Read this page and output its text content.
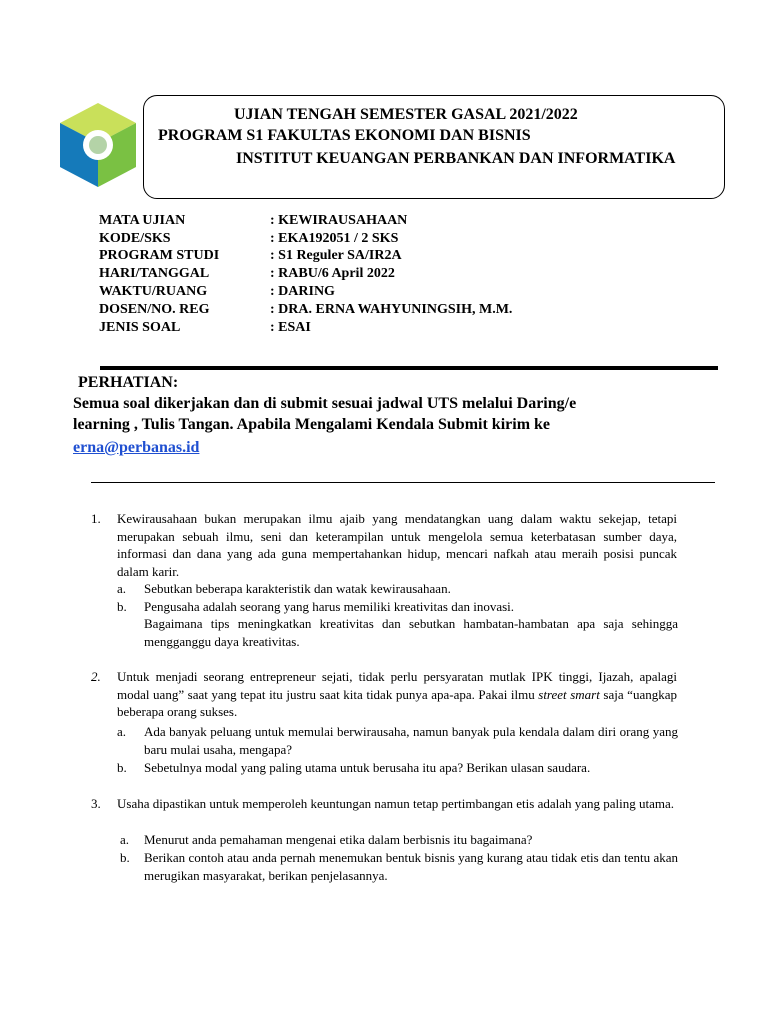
UJIAN TENGAH SEMESTER GASAL 2021/2022
PROGRAM S1 FAKULTAS EKONOMI DAN BISNIS
INSTITUT KEUANGAN PERBANKAN DAN INFORMATIKA
MATA UJIAN	: KEWIRAUSAHAAN
KODE/SKS	: EKA192051 / 2 SKS
PROGRAM STUDI	: S1 Reguler SA/IR2A
HARI/TANGGAL	: RABU/6 April 2022
WAKTU/RUANG	: DARING
DOSEN/NO. REG	: DRA. ERNA WAHYUNINGSIH, M.M.
JENIS SOAL	: ESAI
PERHATIAN:
Semua soal dikerjakan dan di submit sesuai jadwal UTS melalui Daring/e
learning , Tulis Tangan. Apabila Mengalami Kendala Submit kirim ke
erna@perbanas.id
1. Kewirausahaan bukan merupakan ilmu ajaib yang mendatangkan uang dalam waktu sekejap, tetapi merupakan sebuah ilmu, seni dan keterampilan untuk mengelola semua keterbatasan sumber daya, informasi dan dana yang ada guna mempertahankan hidup, mencari nafkah atau meraih posisi puncak dalam karir.
a. Sebutkan beberapa karakteristik dan watak kewirausahaan.
b. Pengusaha adalah seorang yang harus memiliki kreativitas dan inovasi.
Bagaimana tips meningkatkan kreativitas dan sebutkan hambatan-hambatan apa saja sehingga mengganggu daya kreativitas.
2. Untuk menjadi seorang entrepreneur sejati, tidak perlu persyaratan mutlak IPK tinggi, Ijazah, apalagi modal uang” saat yang tepat itu justru saat kita tidak punya apa-apa. Pakai ilmu street smart saja “uangkap beberapa orang sukses.
a. Ada banyak peluang untuk memulai berwirausaha, namun banyak pula kendala dalam diri orang yang baru mulai usaha, mengapa?
b. Sebetulnya modal yang paling utama untuk berusaha itu apa? Berikan ulasan saudara.
3. Usaha dipastikan untuk memperoleh keuntungan namun tetap pertimbangan etis adalah yang paling utama.
a. Menurut anda pemahaman mengenai etika dalam berbisnis itu bagaimana?
b. Berikan contoh atau anda pernah menemukan bentuk bisnis yang kurang atau tidak etis dan tentu akan merugikan masyarakat, berikan penjelasannya.
